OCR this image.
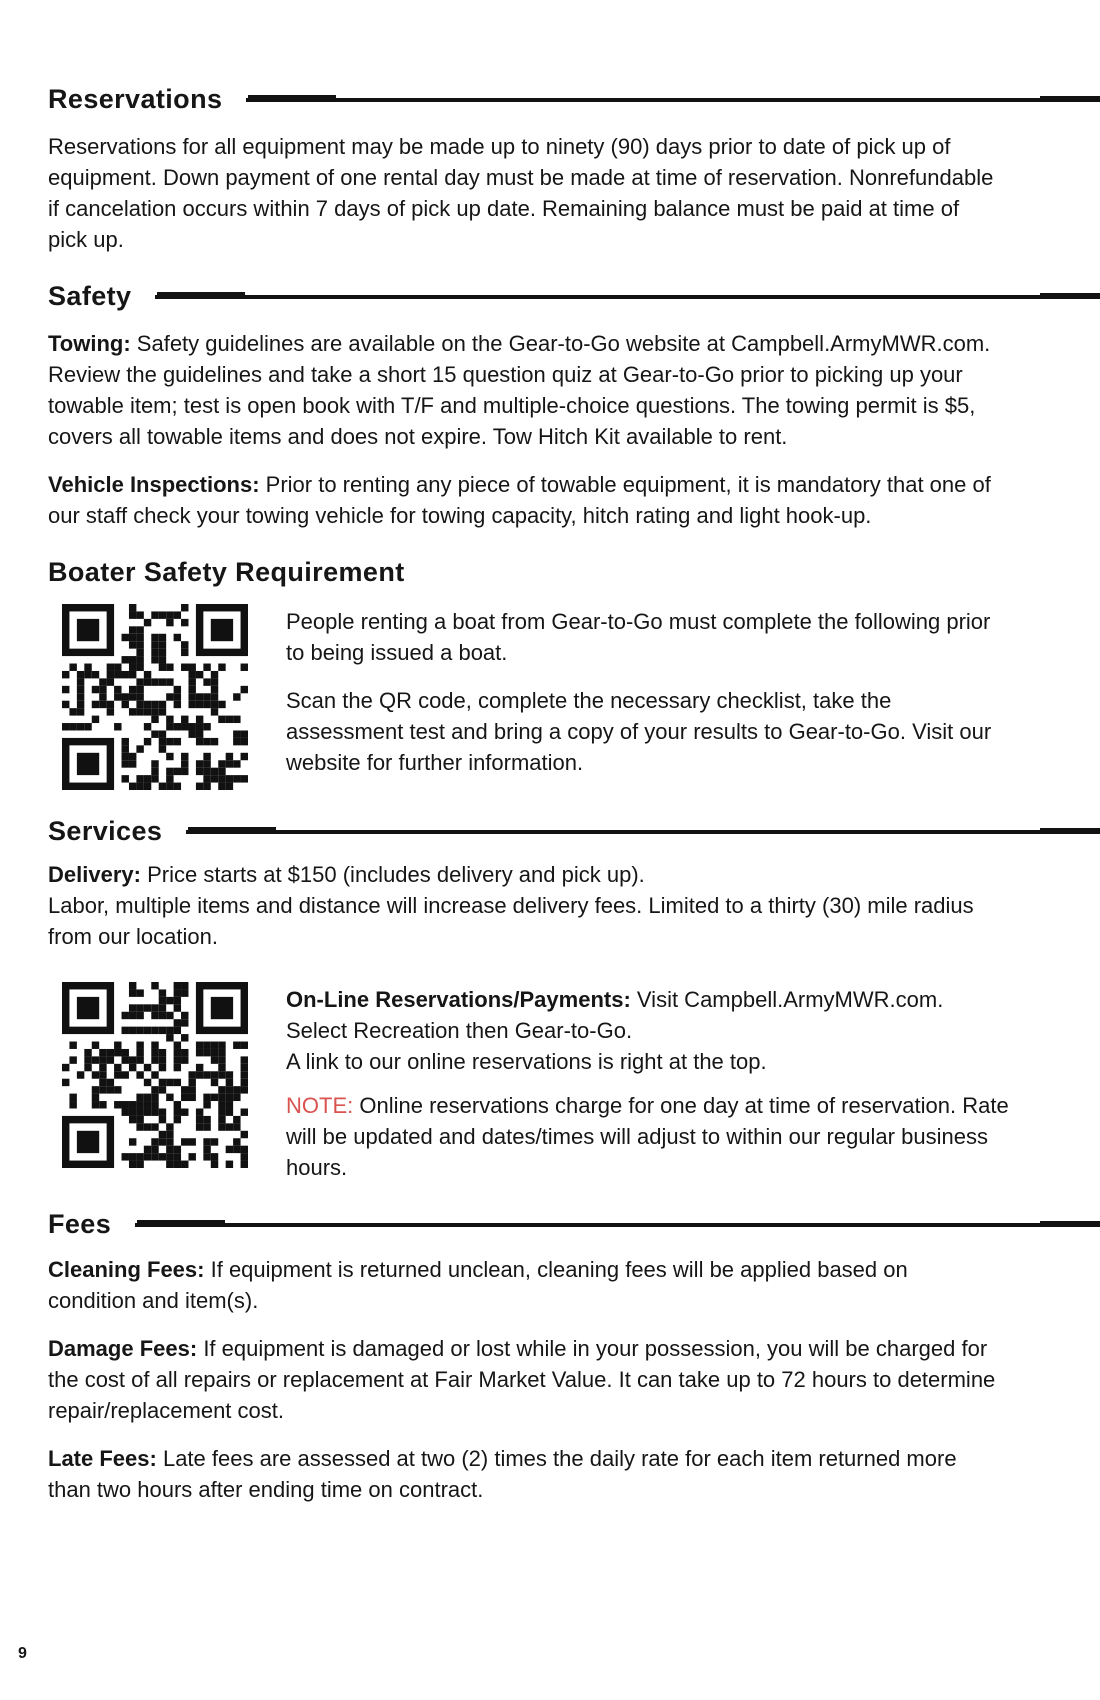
Reservations

Reservations for all equipment may be made up to ninety (90) days prior to date of pick up of equipment. Down payment of one rental day must be made at time of reservation. Nonrefundable if cancelation occurs within 7 days of pick up date. Remaining balance must be paid at time of pick up.

Safety

Towing: Safety guidelines are available on the Gear-to-Go website at Campbell.ArmyMWR.com. Review the guidelines and take a short 15 question quiz at Gear-to-Go prior to picking up your towable item; test is open book with T/F and multiple-choice questions. The towing permit is $5, covers all towable items and does not expire. Tow Hitch Kit available to rent.

Vehicle Inspections: Prior to renting any piece of towable equipment, it is mandatory that one of our staff check your towing vehicle for towing capacity, hitch rating and light hook-up.

Boater Safety Requirement

People renting a boat from Gear-to-Go must complete the following prior to being issued a boat.

Scan the QR code, complete the necessary checklist, take the assessment test and bring a copy of your results to Gear-to-Go. Visit our website for further information.

Services

Delivery: Price starts at $150 (includes delivery and pick up).
Labor, multiple items and distance will increase delivery fees. Limited to a thirty (30) mile radius from our location.

On-Line Reservations/Payments: Visit Campbell.ArmyMWR.com.

Select Recreation then Gear-to-Go.

A link to our online reservations is right at the top.

NOTE: Online reservations charge for one day at time of reservation. Rate will be updated and dates/times will adjust to within our regular business hours.

Fees

Cleaning Fees: If equipment is returned unclean, cleaning fees will be applied based on condition and item(s).

Damage Fees: If equipment is damaged or lost while in your possession, you will be charged for the cost of all repairs or replacement at Fair Market Value. It can take up to 72 hours to determine repair/replacement cost.

Late Fees: Late fees are assessed at two (2) times the daily rate for each item returned more than two hours after ending time on contract.

9
